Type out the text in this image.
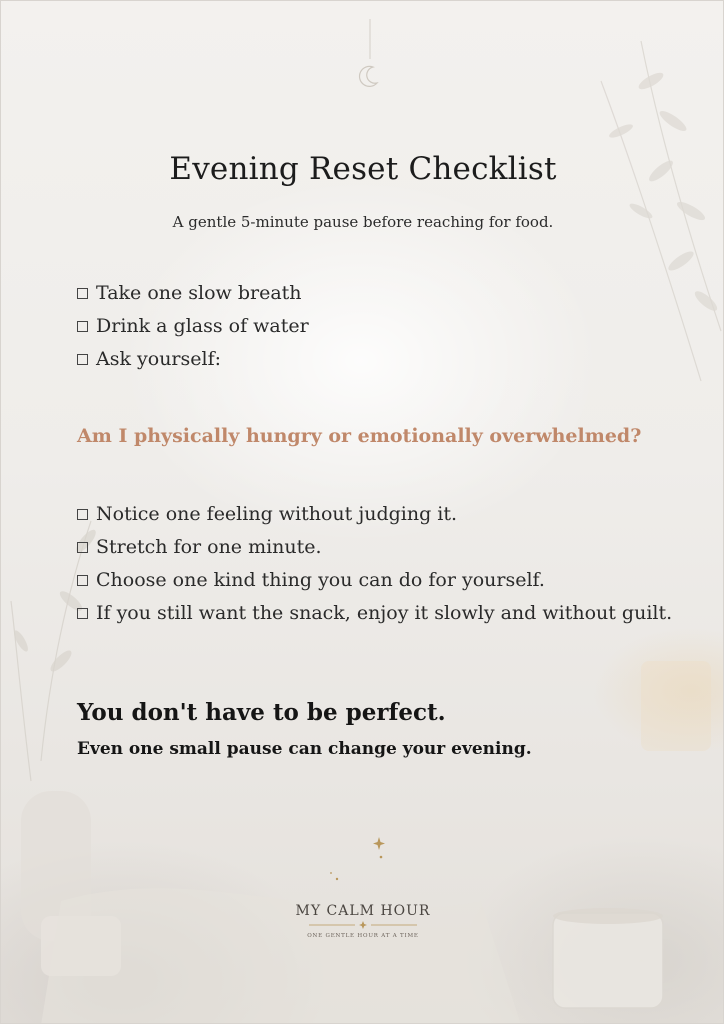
Evening Reset Checklist
A gentle 5-minute pause before reaching for food.
Take one slow breath
Drink a glass of water
Ask yourself:
Am I physically hungry or emotionally overwhelmed?
Notice one feeling without judging it.
Stretch for one minute.
Choose one kind thing you can do for yourself.
If you still want the snack, enjoy it slowly and without guilt.
You don't have to be perfect.
Even one small pause can change your evening.
MY CALM HOUR
ONE GENTLE HOUR AT A TIME
